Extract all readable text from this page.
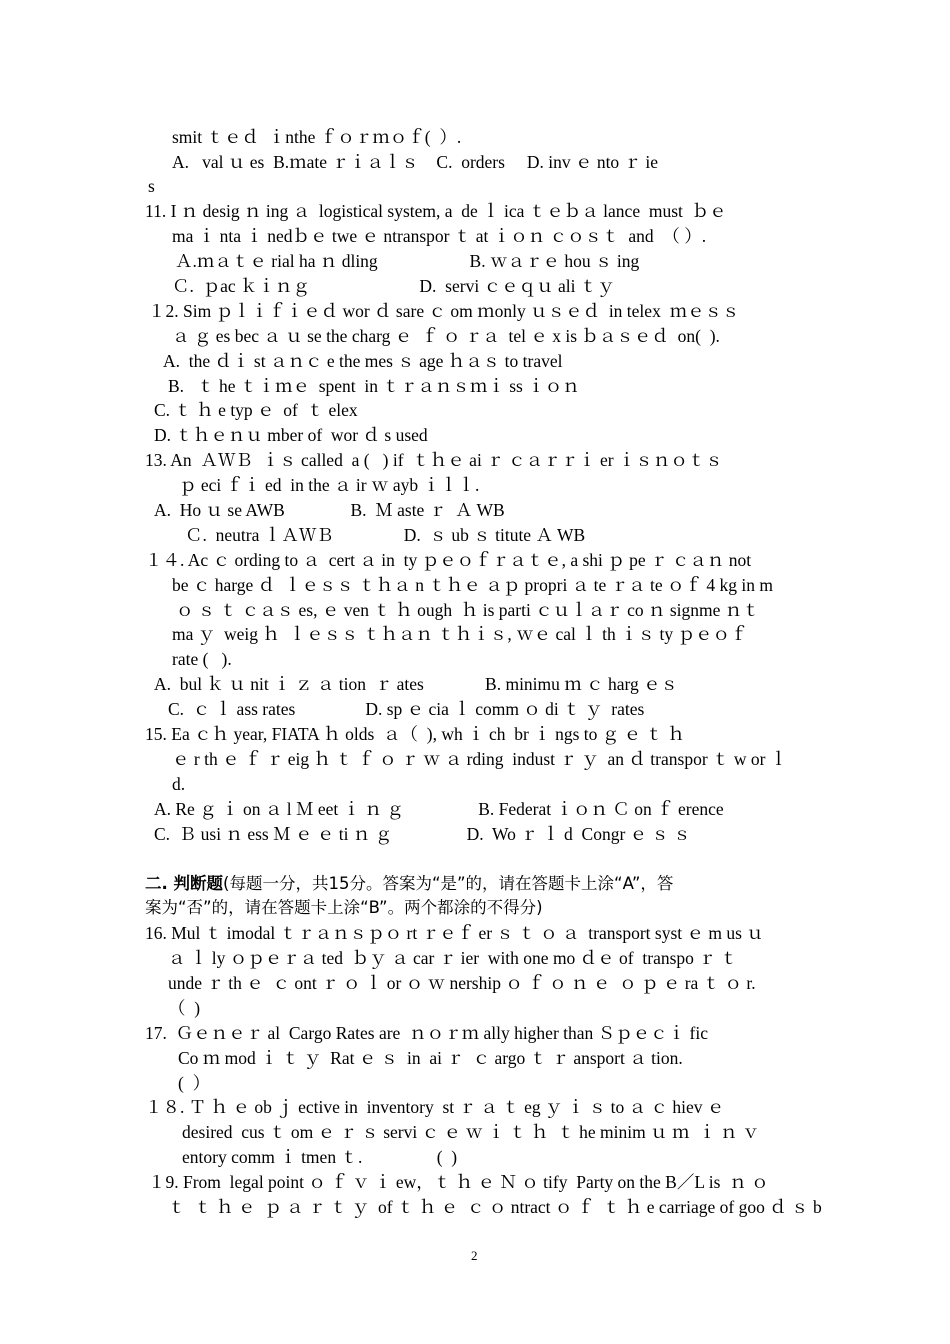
smit ｔｅｄ  ｉnthe ｆｏｒｍｏｆ(  ）.
A.   val ｕ es  B.ｍate ｒｉａｌｓ    C.  orders     D. inv ｅ nto ｒ ie
s
11. I ｎ desig ｎ ing ａ  logistical system, a  de ｌ ica ｔｅｂａ lance  must  ｂｅ
ma ｉ nta ｉ nedｂｅ twe ｅ ntranspor ｔ at ｉｏｎ ｃｏｓｔ  and  （ ）.
Ａ.ｍａｔｅ rial ha ｎ dling                     B. ｗａｒｅ hou ｓ ing
Ｃ.  ｐac ｋｉｎｇ                         D.  servi ｃｅｑｕ ali ｔｙ
１2. Sim ｐｌｉｆｉｅｄ wor ｄ sare ｃ om ｍonly ｕｓｅｄ  in telex  ｍｅｓｓ
ａ ｇ es bec ａ ｕ se the charg ｅ  ｆ ｏ ｒａ  tel ｅ x is ｂａｓｅｄ  on(  ).
A.  the ｄｉ st ａｎｃ e the mes ｓ age ｈａｓ to travel
B.   ｔ he ｔｉｍｅ  spent  in ｔｒａｎｓｍｉ ss ｉｏｎ
C. ｔ ｈ e typ ｅ  of  ｔ elex
D. ｔｈｅｎｕ mber of  wor ｄ s used
13. An  ＡＷＢ  ｉｓ called  a (   ) if  ｔｈｅ ai ｒ ｃａｒｒｉ er ｉｓｎｏｔｓ
ｐ eci ｆｉ ed  in the ａ ir ｗ ayb ｉｌｌ.
A.  Ho ｕ se AWB               B.  Ｍ aste ｒ  Ａ WB
Ｃ.  neutra ｌＡＷＢ                D.  ｓ ub ｓ titute Ａ WB
１４. Ac ｃ ording to ａ  cert ａ in  ty ｐｅｏｆｒａｔｅ, a shi ｐ pe ｒ ｃａｎ not
be ｃ harge ｄ  ｌｅｓｓ ｔｈａ n ｔｈｅ ａｐ propri ａ te ｒａ te ｏｆ 4 kg in m
ｏ ｓ ｔ ｃａｓ es, ｅ ven ｔ ｈ ough  ｈ is parti ｃｕｌａｒ co ｎ signme ｎｔ
ma ｙ  weig ｈ  ｌｅｓｓ ｔｈａｎ ｔｈｉｓ, ｗｅ cal ｌ th ｉｓ ty ｐｅｏｆ
rate (   ).
A.  bul ｋ ｕ nit ｉ ｚ ａ tion  ｒ ates              B. minimu ｍ ｃ harg ｅｓ
C.  ｃ ｌ ass rates                D. sp ｅ cia ｌ comm ｏ di ｔ ｙ  rates
15. Ea ｃｈ year, FIATA ｈ olds  ａ（  ), wh ｉ ch  br ｉ ngs to ｇ ｅ ｔ ｈ
ｅ r th ｅ ｆ ｒ eig ｈ ｔ ｆ ｏ ｒ ｗ ａ rding  indust ｒ ｙ  an ｄ transpor ｔ w or ｌ
d.
A. Re ｇ ｉ on ａ l Ｍ eet ｉ ｎ ｇ                 B. Federat ｉｏｎ Ｃ on ｆ erence
C.  Ｂ usi ｎ ess Ｍ ｅ ｅ ti ｎ ｇ                 D.  Wo ｒ ｌ d  Congr ｅ ｓ ｓ
二. 判断题(每题一分，共15分。答案为“是”的，请在答题卡上涂“A”，答
案为“否”的，请在答题卡上涂“B”。两个都涂的不得分)
16. Mul ｔ imodal ｔｒａｎｓｐｏ rt ｒｅｆ er ｓ ｔ ｏ ａ  transport syst ｅ m us ｕ
ａ ｌ ly ｏｐｅｒａ ted  ｂｙ ａ car ｒ ier  with one mo ｄｅ of  transpo ｒ ｔ
unde ｒ th ｅ  ｃ ont ｒ ｏ ｌ or ｏ ｗ nership ｏ ｆ ｏ ｎ ｅ  ｏ ｐ ｅ ra ｔ ｏ r.
（  )
17.  Ｇｅｎｅｒ al  Cargo Rates are  ｎｏｒｍ ally higher than Ｓｐｅｃｉ fic
Co ｍ mod ｉ ｔ ｙ  Rat ｅ ｓ  in  ai ｒ  ｃ argo ｔ ｒ ansport ａ tion.
(  ）
１８. Ｔ ｈ ｅ ob ｊ ective in  inventory  st ｒ ａ ｔ eg ｙ ｉ ｓ to ａ ｃ hiev ｅ
desired  cus ｔ om ｅ ｒ ｓ servi ｃ ｅ ｗ ｉ ｔ ｈ  ｔ he minim ｕ ｍ  ｉ ｎ ｖ
entory comm ｉ tmen ｔ.                 (  )
１9. From  legal point ｏ ｆ ｖ ｉ ew，ｔ ｈ ｅ Ｎ ｏ tify  Party on the B／L is  ｎ ｏ
ｔ  ｔ ｈ ｅ  ｐ ａ ｒ ｔ ｙ  of ｔ ｈ ｅ  ｃ ｏ ntract ｏ ｆ  ｔ ｈ e carriage of goo ｄ ｓ b
2
